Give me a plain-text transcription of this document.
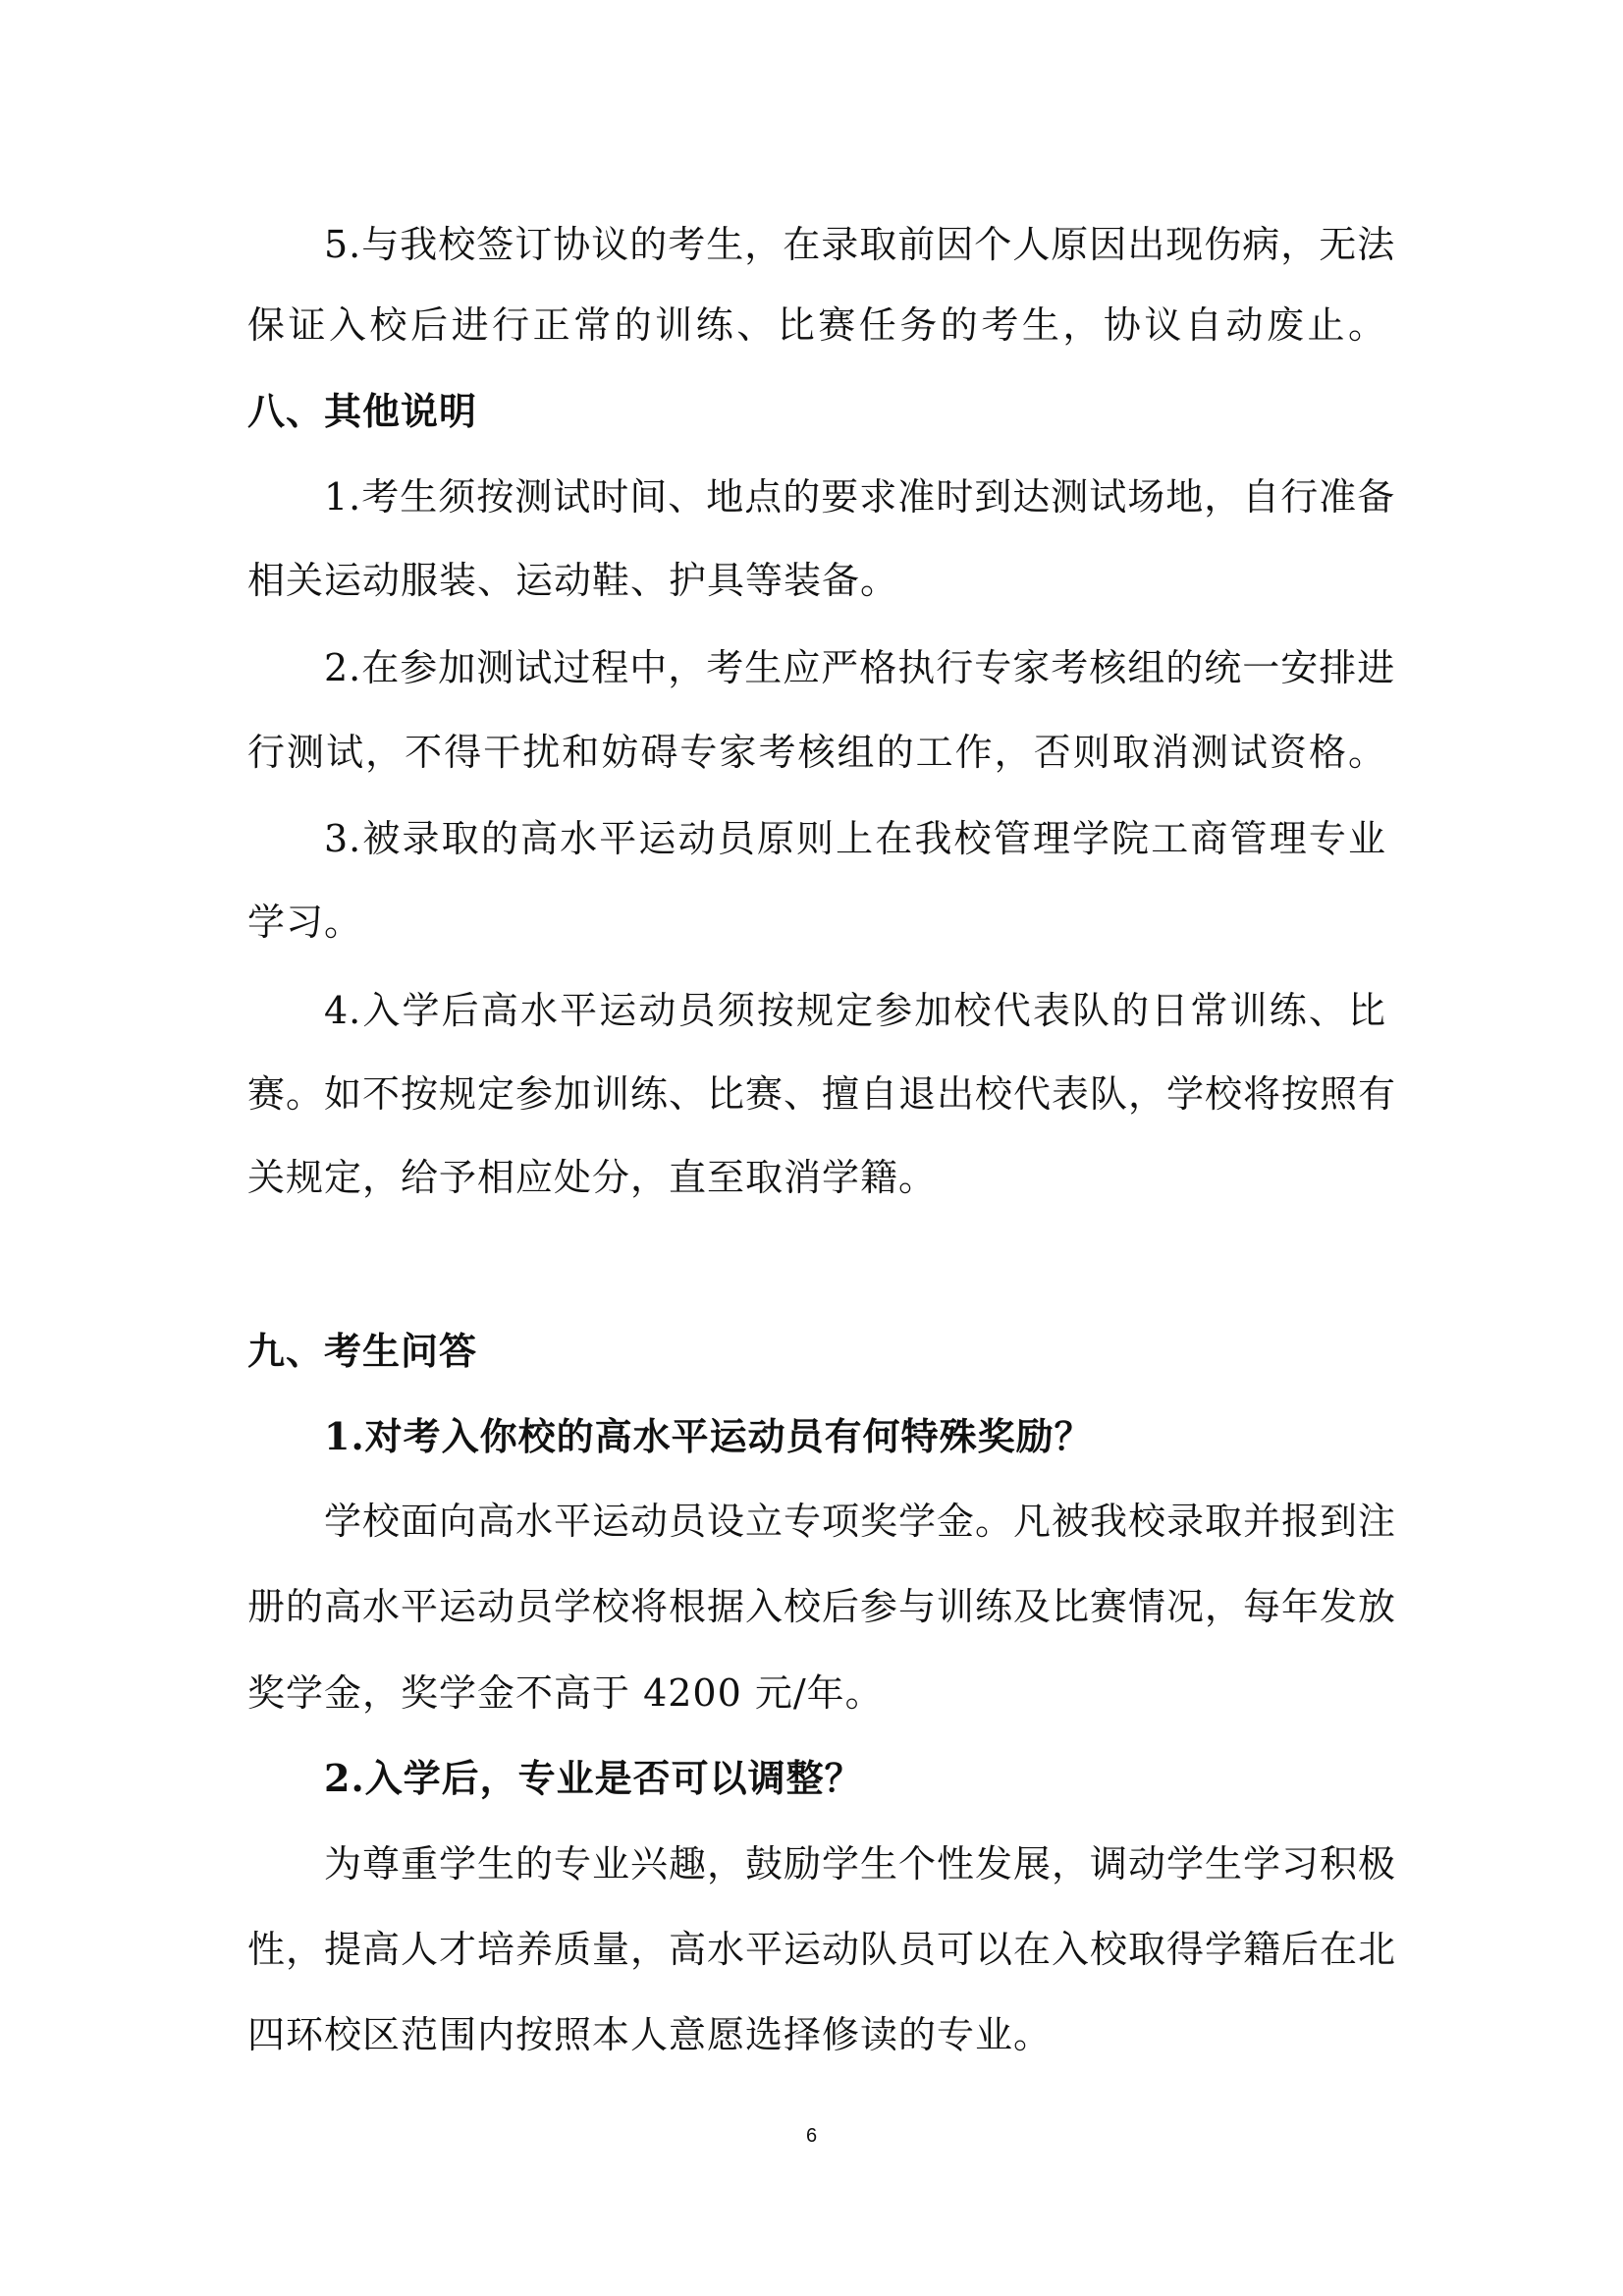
5.与我校签订协议的考生，在录取前因个人原因出现伤病，无法
保证入校后进行正常的训练、比赛任务的考生，协议自动废止。
八、其他说明
1.考生须按测试时间、地点的要求准时到达测试场地，自行准备
相关运动服装、运动鞋、护具等装备。
2.在参加测试过程中，考生应严格执行专家考核组的统一安排进
行测试，不得干扰和妨碍专家考核组的工作，否则取消测试资格。
3.被录取的高水平运动员原则上在我校管理学院工商管理专业
学习。
4.入学后高水平运动员须按规定参加校代表队的日常训练、比
赛。如不按规定参加训练、比赛、擅自退出校代表队，学校将按照有
关规定，给予相应处分，直至取消学籍。
九、考生问答
1.对考入你校的高水平运动员有何特殊奖励？
学校面向高水平运动员设立专项奖学金。凡被我校录取并报到注
册的高水平运动员学校将根据入校后参与训练及比赛情况，每年发放
奖学金，奖学金不高于 4200 元/年。
2.入学后，专业是否可以调整？
为尊重学生的专业兴趣，鼓励学生个性发展，调动学生学习积极
性，提高人才培养质量，高水平运动队员可以在入校取得学籍后在北
四环校区范围内按照本人意愿选择修读的专业。
6
